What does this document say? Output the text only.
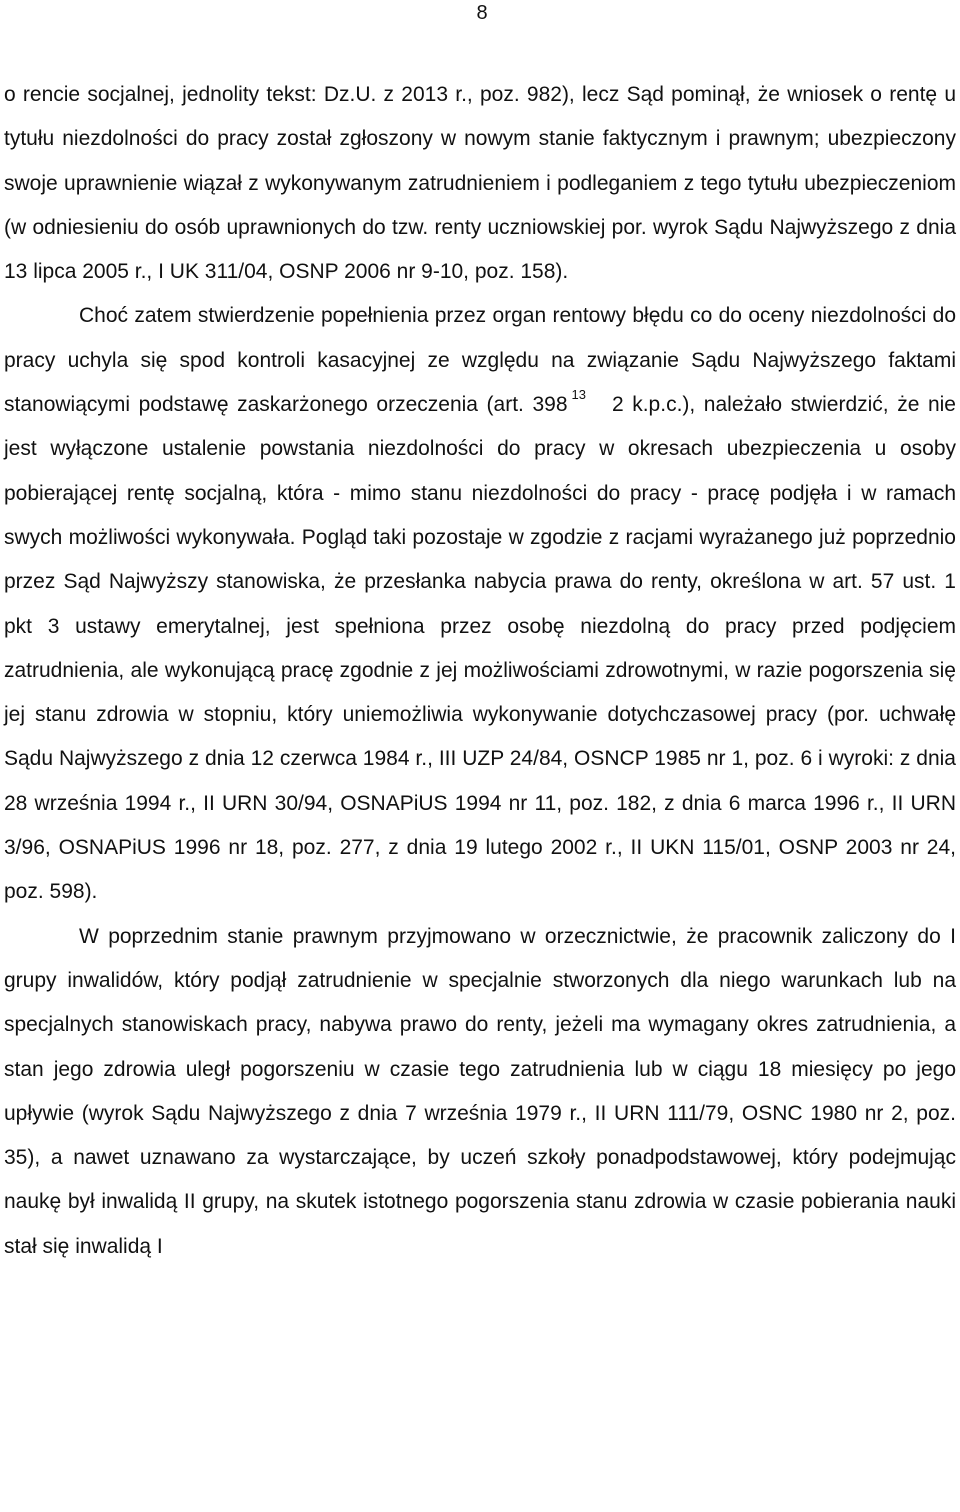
8

o rencie socjalnej, jednolity tekst: Dz.U. z 2013 r., poz. 982), lecz Sąd pominął, że wniosek o rentę u tytułu niezdolności do pracy został zgłoszony w nowym stanie faktycznym i prawnym; ubezpieczony swoje uprawnienie wiązał z wykonywanym zatrudnieniem i podleganiem z tego tytułu ubezpieczeniom (w odniesieniu do osób uprawnionych do tzw. renty uczniowskiej por. wyrok Sądu Najwyższego z dnia 13 lipca 2005 r., I UK 311/04, OSNP 2006 nr 9-10, poz. 158).

Choć zatem stwierdzenie popełnienia przez organ rentowy błędu co do oceny niezdolności do pracy uchyla się spod kontroli kasacyjnej ze względu na związanie Sądu Najwyższego faktami stanowiącymi podstawę zaskarżonego orzeczenia (art. 398 $^{13}$ 2 k.p.c.), należało stwierdzić, że nie jest wyłączone ustalenie powstania niezdolności do pracy w okresach ubezpieczenia u osoby pobierającej rentę socjalną, która - mimo stanu niezdolności do pracy - pracę podjęła i w ramach swych możliwości wykonywała. Pogląd taki pozostaje w zgodzie z racjami wyrażanego już poprzednio przez Sąd Najwyższy stanowiska, że przesłanka nabycia prawa do renty, określona w art. 57 ust. 1 pkt 3 ustawy emerytalnej, jest spełniona przez osobę niezdolną do pracy przed podjęciem zatrudnienia, ale wykonującą pracę zgodnie z jej możliwościami zdrowotnymi, w razie pogorszenia się jej stanu zdrowia w stopniu, który uniemożliwia wykonywanie dotychczasowej pracy (por. uchwałę Sądu Najwyższego z dnia 12 czerwca 1984 r., III UZP 24/84, OSNCP 1985 nr 1, poz. 6 i wyroki: z dnia 28 września 1994 r., II URN 30/94, OSNAPiUS 1994 nr 11, poz. 182, z dnia 6 marca 1996 r., II URN 3/96, OSNAPiUS 1996 nr 18, poz. 277, z dnia 19 lutego 2002 r., II UKN 115/01, OSNP 2003 nr 24, poz. 598).

W poprzednim stanie prawnym przyjmowano w orzecznictwie, że pracownik zaliczony do I grupy inwalidów, który podjął zatrudnienie w specjalnie stworzonych dla niego warunkach lub na specjalnych stanowiskach pracy, nabywa prawo do renty, jeżeli ma wymagany okres zatrudnienia, a stan jego zdrowia uległ pogorszeniu w czasie tego zatrudnienia lub w ciągu 18 miesięcy po jego upływie (wyrok Sądu Najwyższego z dnia 7 września 1979 r., II URN 111/79, OSNC 1980 nr 2, poz. 35), a nawet uznawano za wystarczające, by uczeń szkoły ponadpodstawowej, który podejmując naukę był inwalidą II grupy, na skutek istotnego pogorszenia stanu zdrowia w czasie pobierania nauki stał się inwalidą I
